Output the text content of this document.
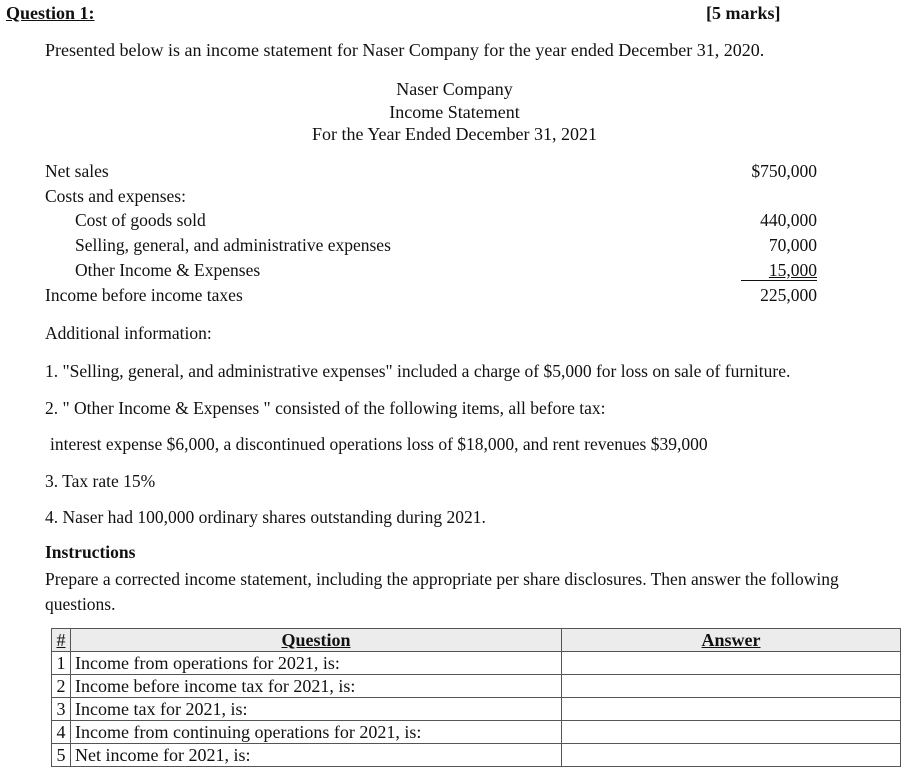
Question 1:	[5 marks]
Presented below is an income statement for Naser Company for the year ended December 31, 2020.
Naser Company
Income Statement
For the Year Ended December 31, 2021
Net sales	$750,000
Costs and expenses:
Cost of goods sold	440,000
Selling, general, and administrative expenses	70,000
Other Income & Expenses	15,000
Income before income taxes	225,000
Additional information:
1. "Selling, general, and administrative expenses" included a charge of $5,000 for loss on sale of furniture.
2. " Other Income & Expenses " consisted of the following items, all before tax:
interest expense $6,000, a discontinued operations loss of $18,000, and rent revenues $39,000
3. Tax rate 15%
4. Naser had 100,000 ordinary shares outstanding during 2021.
Instructions
Prepare a corrected income statement, including the appropriate per share disclosures. Then answer the following questions.
#	Question	Answer
1	Income from operations for 2021, is:	
2	Income before income tax for 2021, is:	
3	Income tax for 2021, is:	
4	Income from continuing operations for 2021, is:	
5	Net income for 2021, is:	
